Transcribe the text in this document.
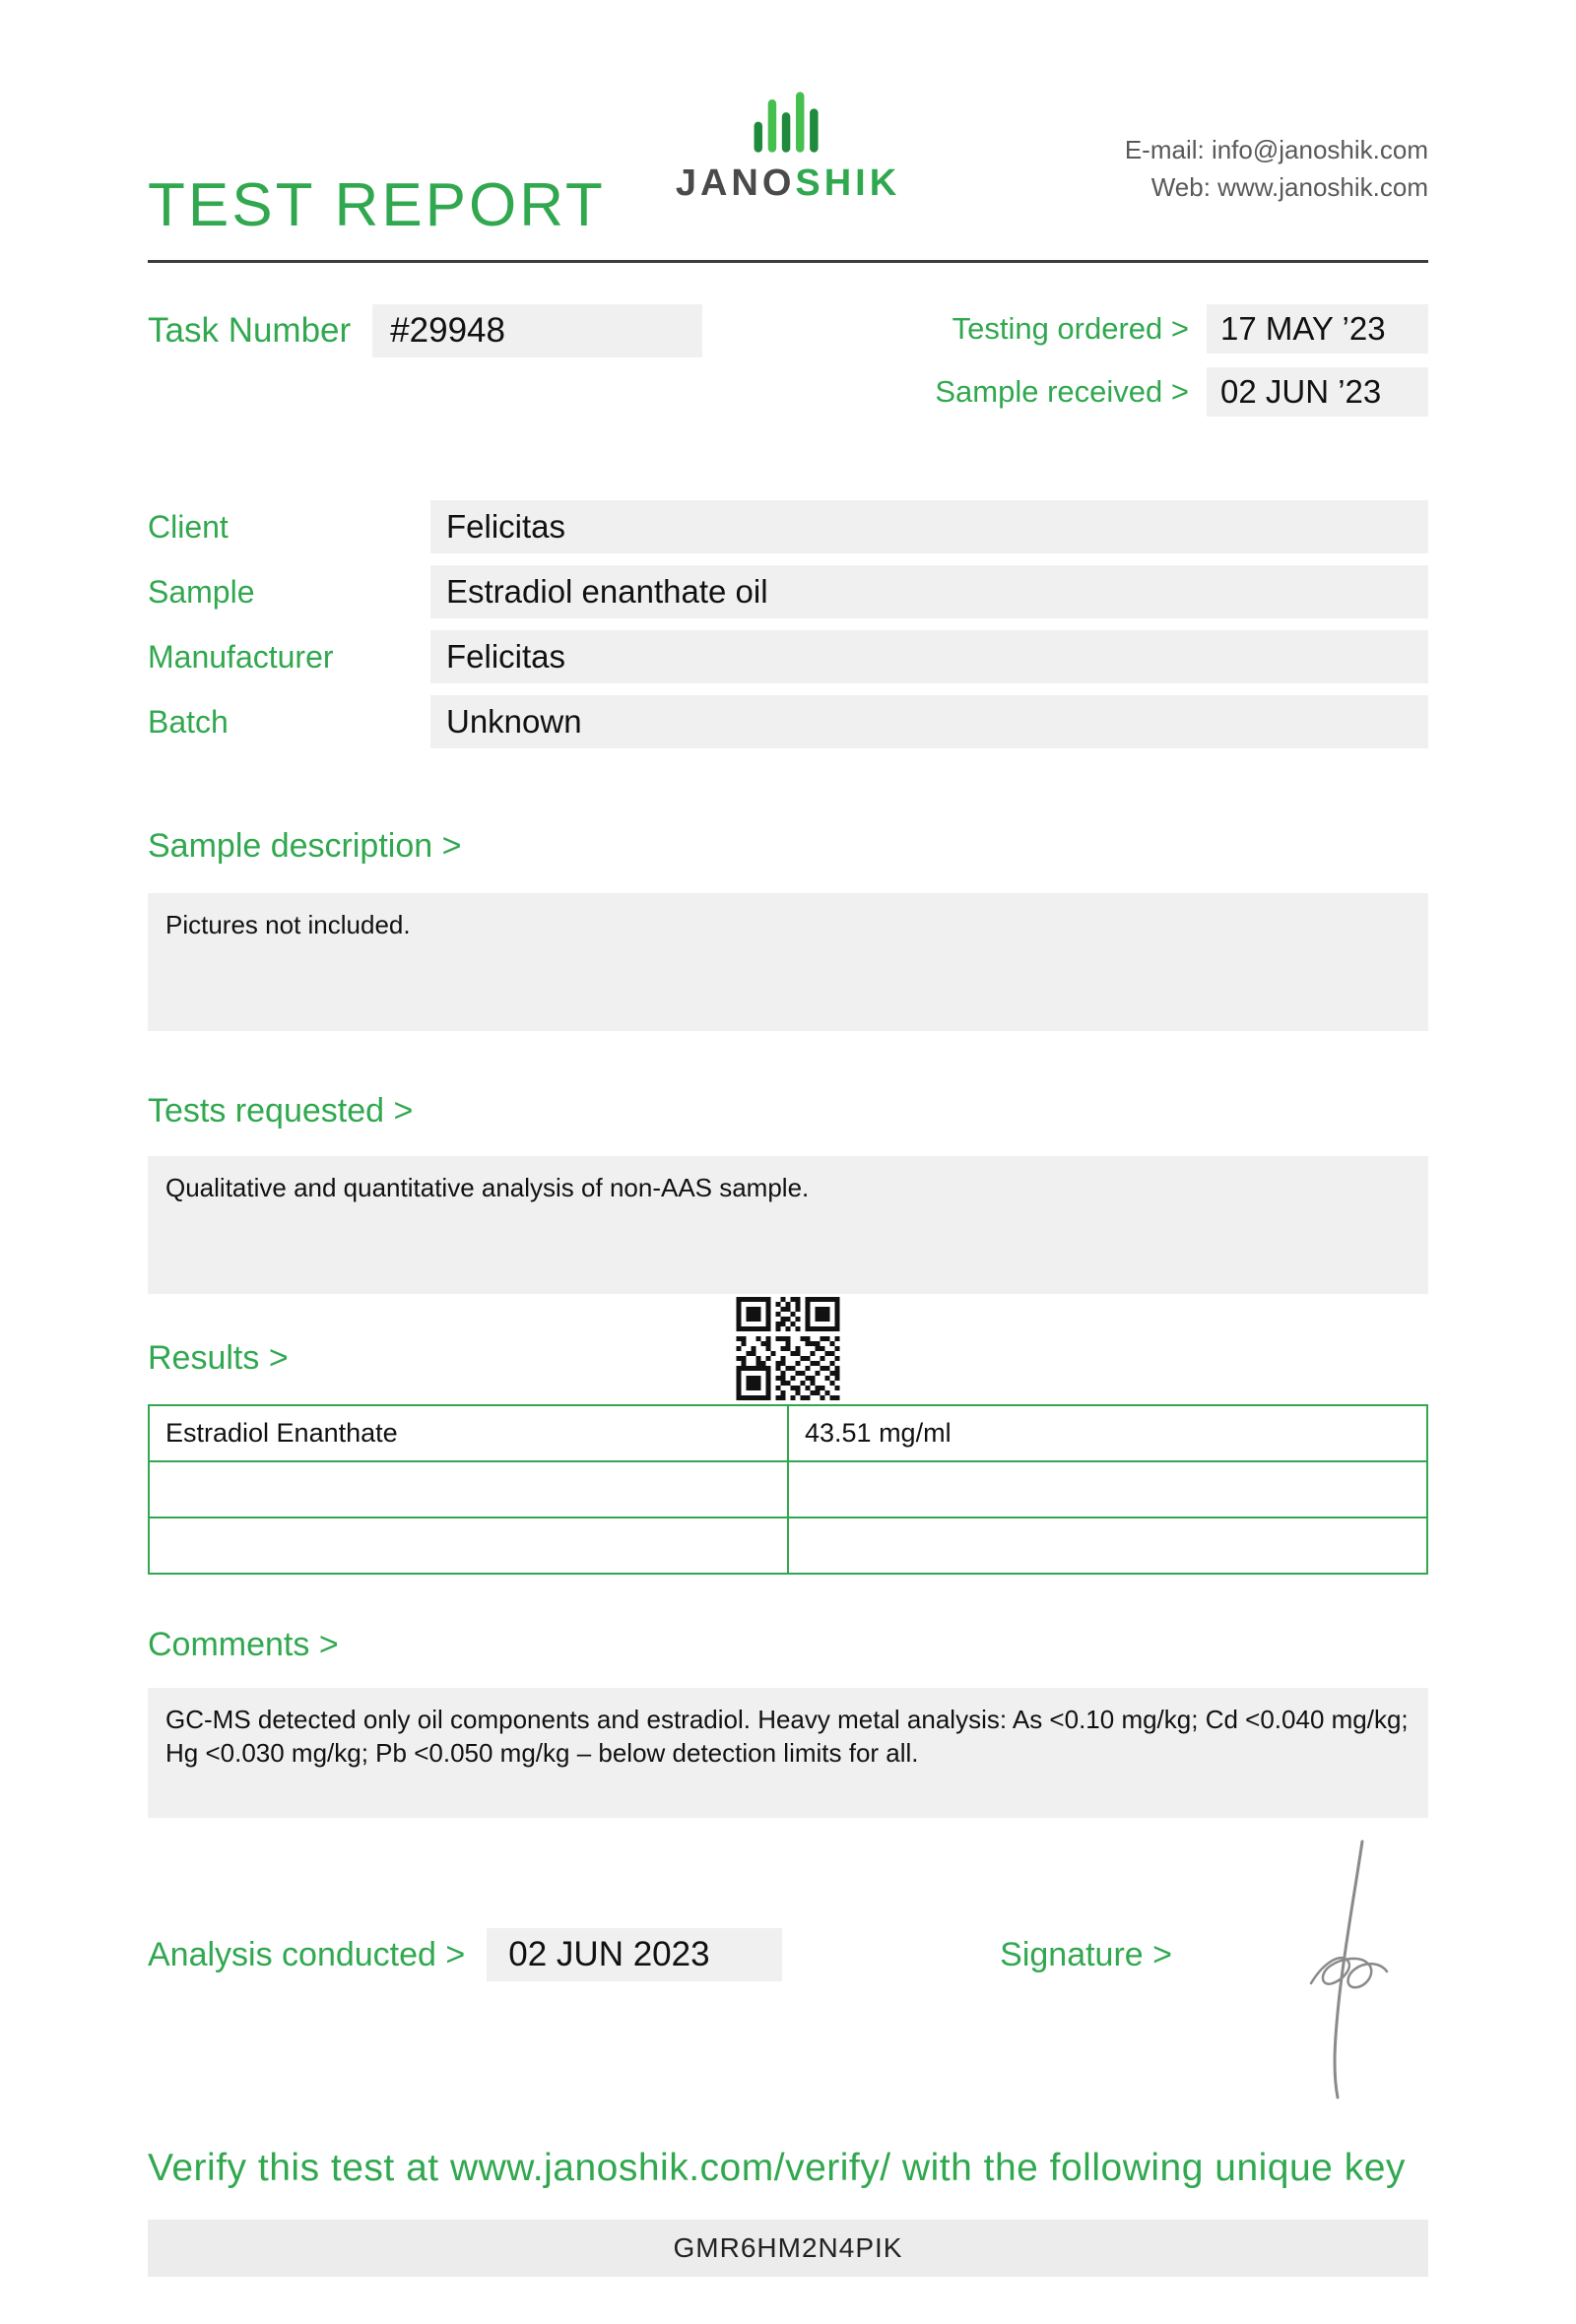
TEST REPORT JANOSHIK
E-mail: info@janoshik.com
Web: www.janoshik.com
Task Number	#29948	Testing ordered > 17 MAY ’23
Sample received > 02 JUN ’23
Client	Felicitas
Sample	Estradiol enanthate oil
Manufacturer	Felicitas
Batch	Unknown
Sample description >
Pictures not included.
Tests requested >
Qualitative and quantitative analysis of non-AAS sample.
Results >
Estradiol Enanthate	43.51 mg/ml

Comments >
GC-MS detected only oil components and estradiol. Heavy metal analysis: As <0.10 mg/kg; Cd <0.040 mg/kg; Hg <0.030 mg/kg; Pb <0.050 mg/kg – below detection limits for all.
Analysis conducted >	02 JUN 2023	Signature >
Verify this test at www.janoshik.com/verify/ with the following unique key
GMR6HM2N4PIK
